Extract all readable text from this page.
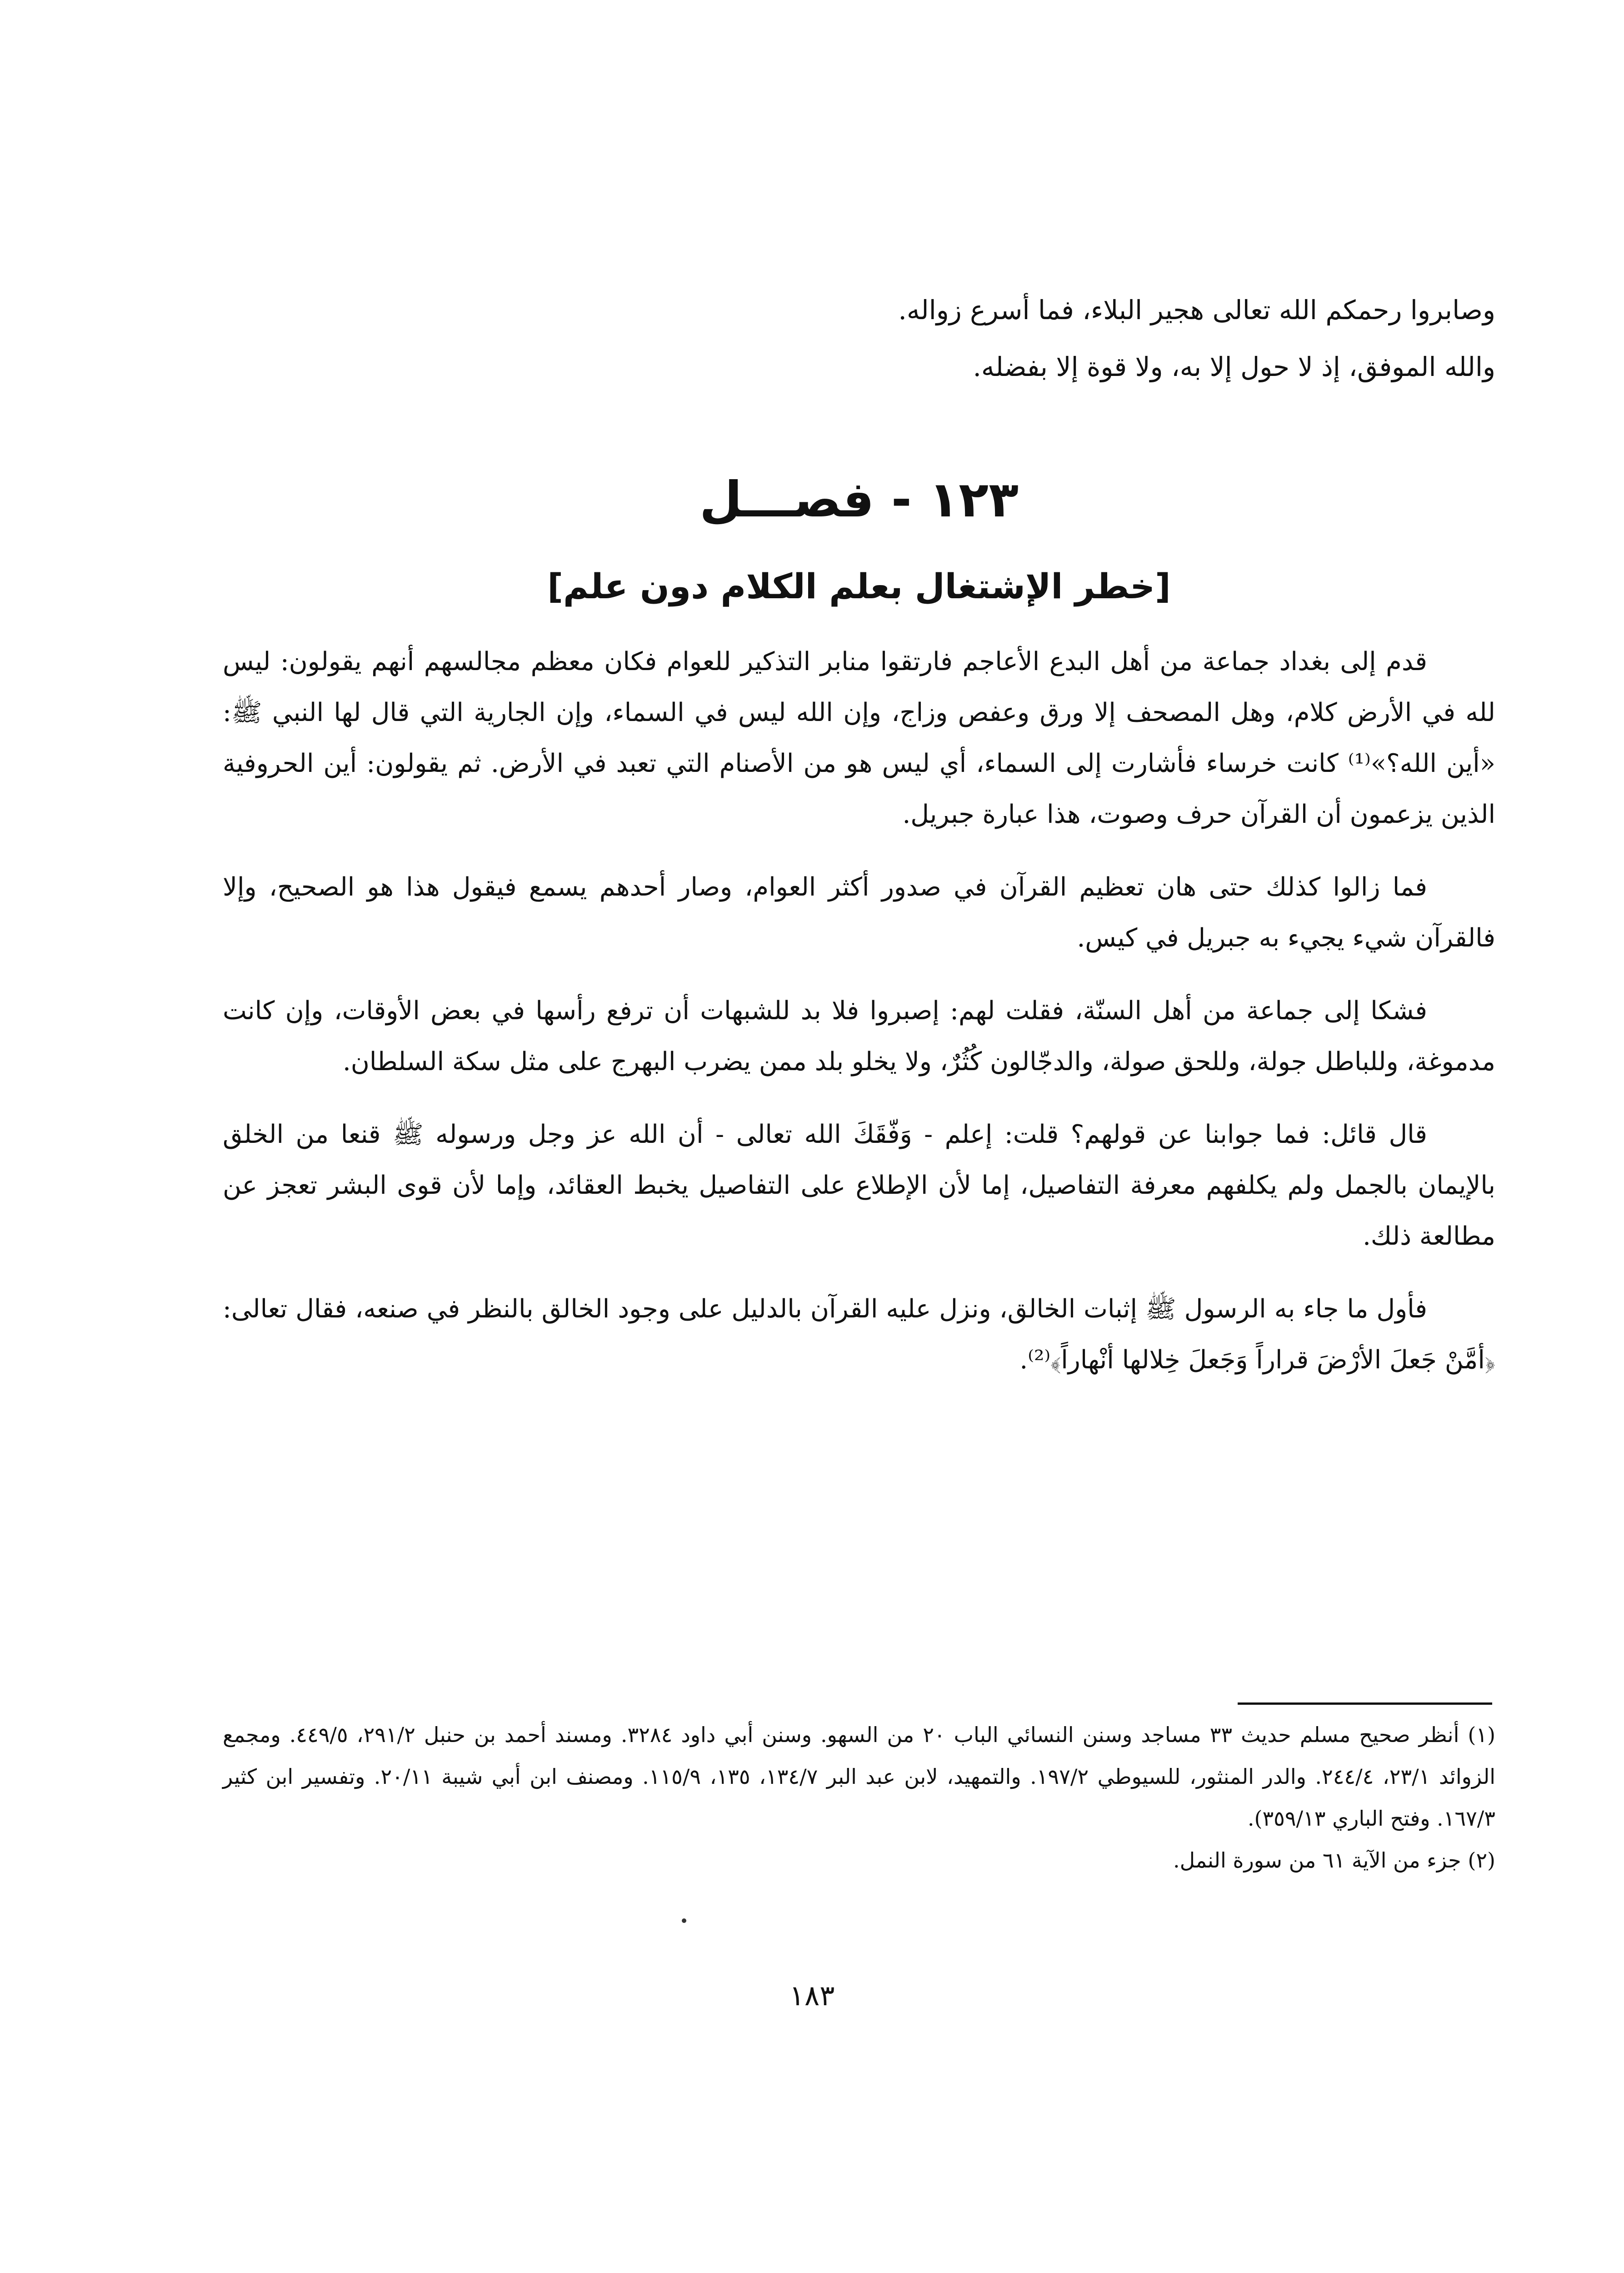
وصابروا رحمكم الله تعالى هجير البلاء، فما أسرع زواله.

والله الموفق، إذ لا حول إلا به، ولا قوة إلا بفضله.

١٢٣ - فصـــل
[خطر الإشتغال بعلم الكلام دون علم]

قدم إلى بغداد جماعة من أهل البدع الأعاجم فارتقوا منابر التذكير للعوام فكان معظم مجالسهم أنهم يقولون: ليس لله في الأرض كلام، وهل المصحف إلا ورق وعفص وزاج، وإن الله ليس في السماء، وإن الجارية التي قال لها النبي ﷺ: «أين الله؟»⁽¹⁾ كانت خرساء فأشارت إلى السماء، أي ليس هو من الأصنام التي تعبد في الأرض. ثم يقولون: أين الحروفية الذين يزعمون أن القرآن حرف وصوت، هذا عبارة جبريل.

فما زالوا كذلك حتى هان تعظيم القرآن في صدور أكثر العوام، وصار أحدهم يسمع فيقول هذا هو الصحيح، وإلا فالقرآن شيء يجيء به جبريل في كيس.

فشكا إلى جماعة من أهل السنّة، فقلت لهم: إصبروا فلا بد للشبهات أن ترفع رأسها في بعض الأوقات، وإن كانت مدموغة، وللباطل جولة، وللحق صولة، والدجّالون كُثُرٌ، ولا يخلو بلد ممن يضرب البهرج على مثل سكة السلطان.

قال قائل: فما جوابنا عن قولهم؟ قلت: إعلم - وَفّقَكَ الله تعالى - أن الله عز وجل ورسوله ﷺ قنعا من الخلق بالإيمان بالجمل ولم يكلفهم معرفة التفاصيل، إما لأن الإطلاع على التفاصيل يخبط العقائد، وإما لأن قوى البشر تعجز عن مطالعة ذلك.

فأول ما جاء به الرسول ﷺ إثبات الخالق، ونزل عليه القرآن بالدليل على وجود الخالق بالنظر في صنعه، فقال تعالى: ﴿أمَّنْ جَعلَ الأرْضَ قراراً وَجَعلَ خِلالها أنْهاراً﴾⁽²⁾.

(١) أنظر صحيح مسلم حديث ٣٣ مساجد وسنن النسائي الباب ٢٠ من السهو. وسنن أبي داود ٣٢٨٤. ومسند أحمد بن حنبل ٢٩١/٢، ٤٤٩/٥. ومجمع الزوائد ٢٣/١، ٢٤٤/٤. والدر المنثور، للسيوطي ١٩٧/٢. والتمهيد، لابن عبد البر ١٣٤/٧، ١٣٥، ١١٥/٩. ومصنف ابن أبي شيبة ٢٠/١١. وتفسير ابن كثير ١٦٧/٣. وفتح الباري ٣٥٩/١٣).

(٢) جزء من الآية ٦١ من سورة النمل.

١٨٣
